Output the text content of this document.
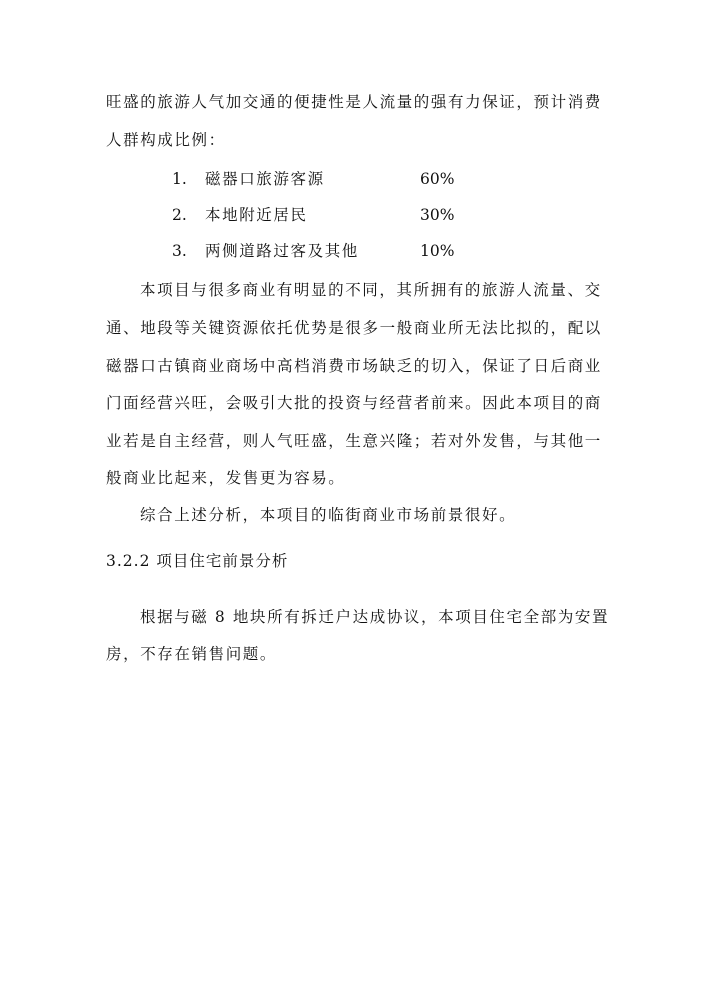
旺盛的旅游人气加交通的便捷性是人流量的强有力保证，预计消费
人群构成比例：
1. 磁器口旅游客源	60%
2. 本地附近居民	30%
3. 两侧道路过客及其他	10%
本项目与很多商业有明显的不同，其所拥有的旅游人流量、交
通、地段等关键资源依托优势是很多一般商业所无法比拟的，配以
磁器口古镇商业商场中高档消费市场缺乏的切入，保证了日后商业
门面经营兴旺，会吸引大批的投资与经营者前来。因此本项目的商
业若是自主经营，则人气旺盛，生意兴隆；若对外发售，与其他一
般商业比起来，发售更为容易。
综合上述分析，本项目的临街商业市场前景很好。
3.2.2 项目住宅前景分析
根据与磁 8 地块所有拆迁户达成协议，本项目住宅全部为安置
房，不存在销售问题。
